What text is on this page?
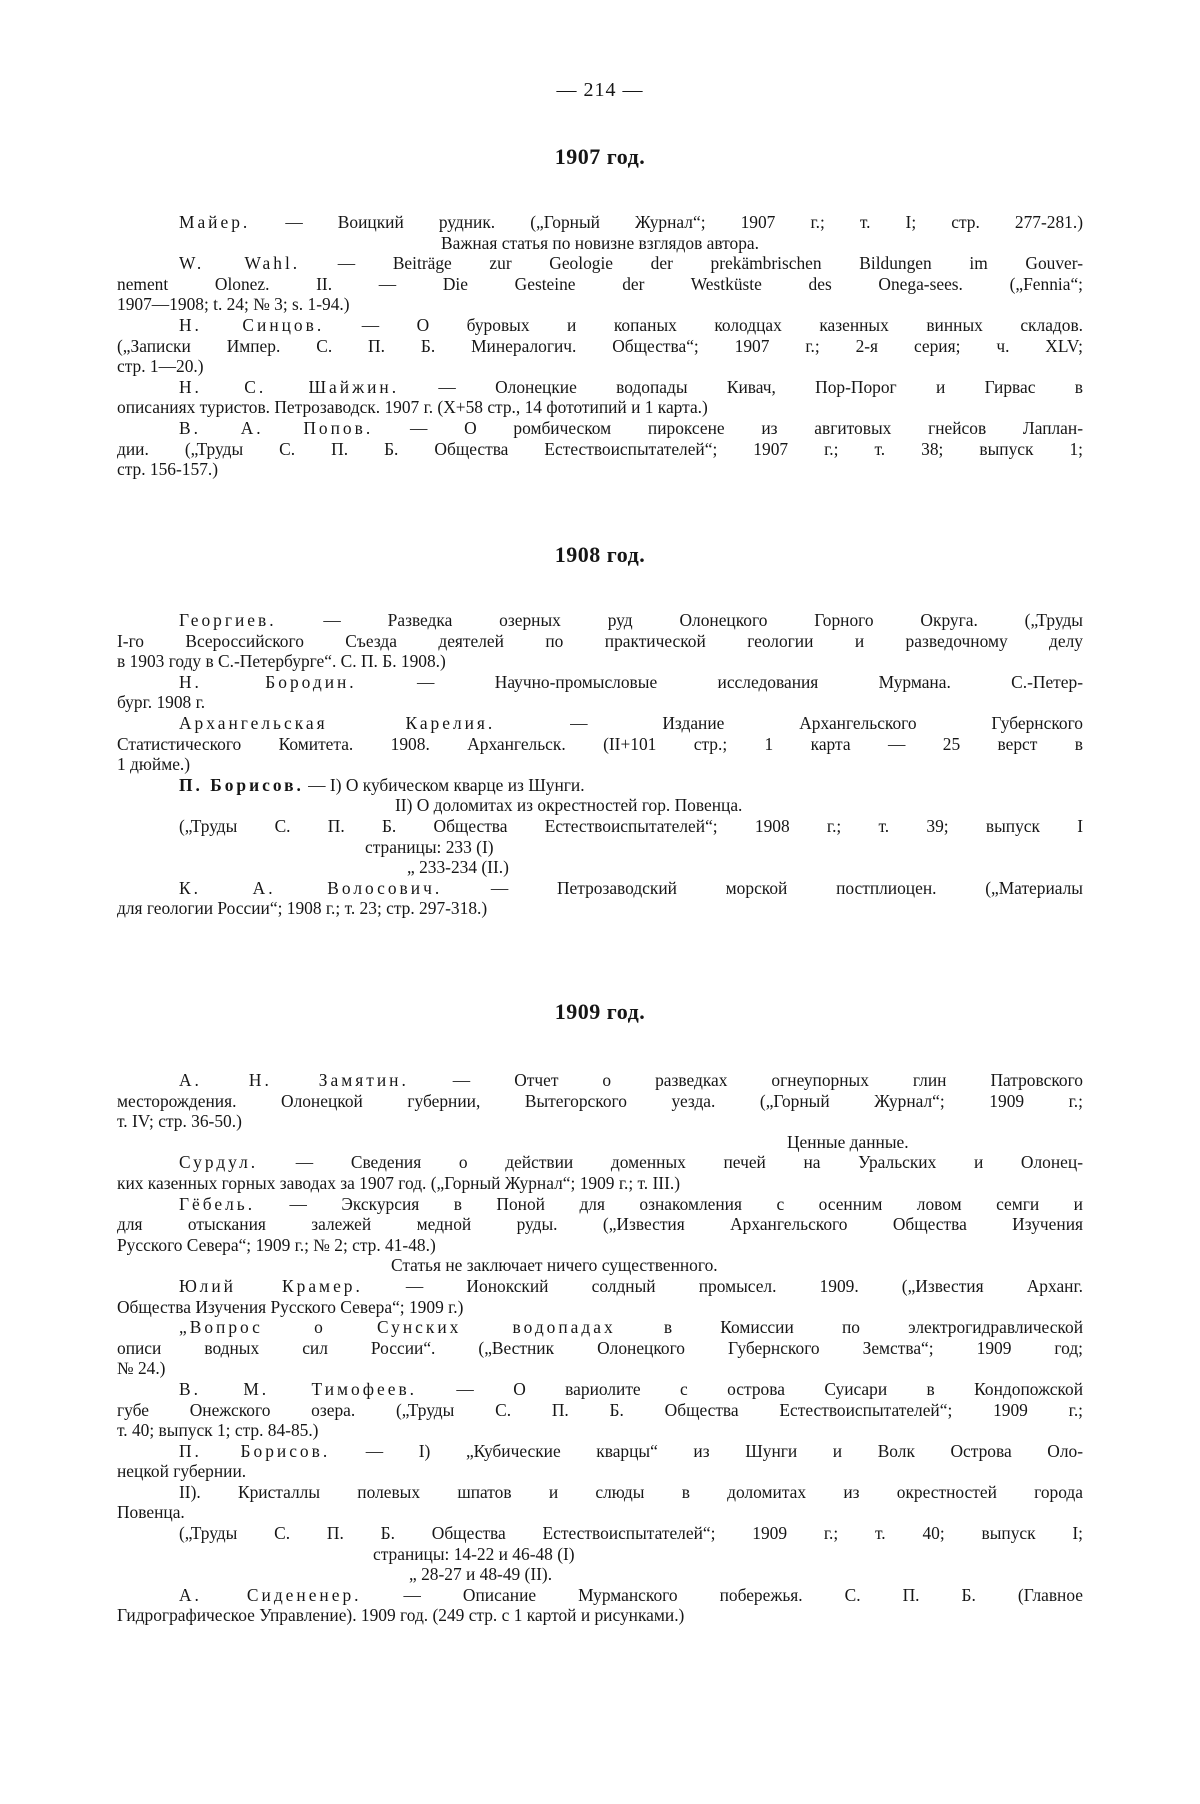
— 214 —
1907 год.
Майер. — Воицкий рудник. („Горный Журнал“; 1907 г.; т. I; стр. 277-281.)
Важная статья по новизне взглядов автора.
W. Wahl. — Beiträge zur Geologie der prekämbrischen Bildungen im Gouver-
nement Olonez. II. — Die Gesteine der Westküste des Onega-sees. („Fennia“;
1907—1908; t. 24; № 3; s. 1-94.)
Н. Синцов. — О буровых и копаных колодцах казенных винных складов.
(„Записки Импер. С. П. Б. Минералогич. Общества“; 1907 г.; 2-я серия; ч. XLV;
стр. 1—20.)
Н. С. Шайжин. — Олонецкие водопады Кивач, Пор-Порог и Гирвас в
описаниях туристов. Петрозаводск. 1907 г. (X+58 стр., 14 фототипий и 1 карта.)
В. А. Попов. — О ромбическом пироксене из авгитовых гнейсов Лаплан-
дии. („Труды С. П. Б. Общества Естествоиспытателей“; 1907 г.; т. 38; выпуск 1;
стр. 156-157.)
1908 год.
Георгиев. — Разведка озерных руд Олонецкого Горного Округа. („Труды
I-го Всероссийского Съезда деятелей по практической геологии и разведочному делу
в 1903 году в С.-Петербурге“. С. П. Б. 1908.)
Н. Бородин. — Научно-промысловые исследования Мурмана. С.-Петер-
бург. 1908 г.
Архангельская Карелия. — Издание Архангельского Губернского
Статистического Комитета. 1908. Архангельск. (II+101 стр.; 1 карта — 25 верст в
1 дюйме.)
П. Борисов. — I) О кубическом кварце из Шунги.
II) О доломитах из окрестностей гор. Повенца.
(„Труды С. П. Б. Общества Естествоиспытателей“; 1908 г.; т. 39; выпуск I
страницы: 233 (I)
„ 233-234 (II.)
К. А. Волосович. — Петрозаводский морской постплиоцен. („Материалы
для геологии России“; 1908 г.; т. 23; стр. 297-318.)
1909 год.
А. Н. Замятин. — Отчет о разведках огнеупорных глин Патровского
месторождения. Олонецкой губернии, Вытегорского уезда. („Горный Журнал“; 1909 г.;
т. IV; стр. 36-50.)
Ценные данные.
Сурдул. — Сведения о действии доменных печей на Уральских и Олонец-
ких казенных горных заводах за 1907 год. („Горный Журнал“; 1909 г.; т. III.)
Гёбель. — Экскурсия в Поной для ознакомления с осенним ловом семги и
для отыскания залежей медной руды. („Известия Архангельского Общества Изучения
Русского Севера“; 1909 г.; № 2; стр. 41-48.)
Статья не заключает ничего существенного.
Юлий Крамер. — Ионокский солдный промысел. 1909. („Известия Арханг.
Общества Изучения Русского Севера“; 1909 г.)
„Вопрос о Сунских водопадах в Комиссии по электрогидравлической
описи водных сил России“. („Вестник Олонецкого Губернского Земства“; 1909 год;
№ 24.)
В. М. Тимофеев. — О вариолите с острова Суисари в Кондопожской
губе Онежского озера. („Труды С. П. Б. Общества Естествоиспытателей“; 1909 г.;
т. 40; выпуск 1; стр. 84-85.)
П. Борисов. — I) „Кубические кварцы“ из Шунги и Волк Острова Оло-
нецкой губернии.
II). Кристаллы полевых шпатов и слюды в доломитах из окрестностей города
Повенца.
(„Труды С. П. Б. Общества Естествоиспытателей“; 1909 г.; т. 40; выпуск I;
страницы: 14-22 и 46-48 (I)
„ 28-27 и 48-49 (II).
А. Сидененер. — Описание Мурманского побережья. С. П. Б. (Главное
Гидрографическое Управление). 1909 год. (249 стр. с 1 картой и рисунками.)
